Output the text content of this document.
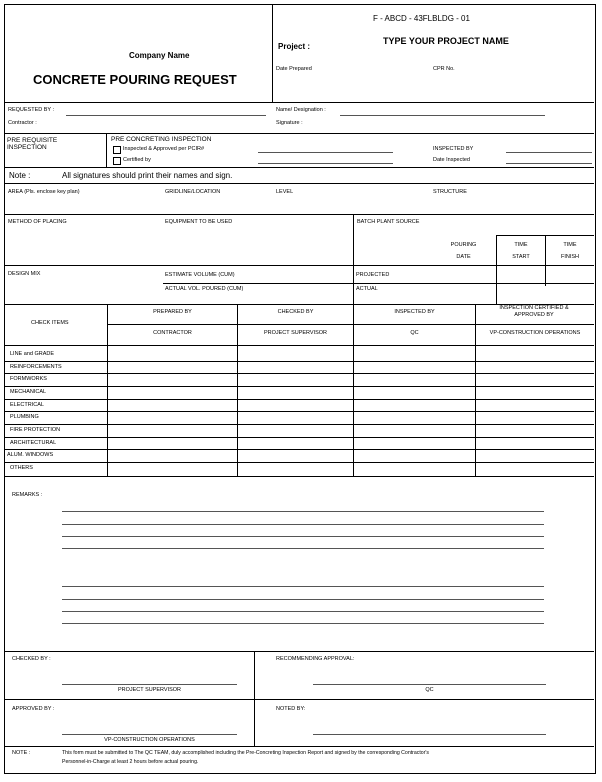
F - ABCD - 43FLBLDG - 01
Company Name
CONCRETE POURING REQUEST
Project :
TYPE YOUR PROJECT NAME
Date Prepared	CPR No.
REQUESTED BY :
Contractor :
Name/ Designation :
Signature :
PRE REQUISITE INSPECTION
PRE CONCRETING INSPECTION
Inspected & Approved per PCIR#
Certified by
INSPECTED BY
Date Inspected
Note :	All signatures should print their names and sign.
AREA (Pls. enclose key plan)	GRIDLINE/LOCATION	LEVEL	STRUCTURE
METHOD OF PLACING	EQUIPMENT TO BE USED	BATCH PLANT SOURCE
POURING
DATE
TIME
START
TIME
FINISH
DESIGN MIX	ESTIMATE VOLUME (CUM)
ACTUAL VOL. POURED (CUM)
PROJECTED
ACTUAL
CHECK ITEMS
PREPARED BY	CHECKED BY	INSPECTED BY
INSPECTION CERTIFIED & APPROVED BY
CONTRACTOR	PROJECT SUPERVISOR	QC	VP-CONSTRUCTION OPERATIONS
LINE and GRADE
REINFORCEMENTS
FORMWORKS
MECHANICAL
ELECTRICAL
PLUMBING
FIRE PROTECTION
ARCHITECTURAL
ALUM. WINDOWS
OTHERS
REMARKS :
CHECKED BY :
PROJECT SUPERVISOR
RECOMMENDING APPROVAL:
QC
APPROVED BY :
VP-CONSTRUCTION OPERATIONS
NOTED BY:
NOTE :	This form must be submitted to The QC TEAM, duly accomplished including the Pre-Concreting Inspection Report and signed by the corresponding Contractor's
Personnel-in-Charge at least 2 hours before actual pouring.
